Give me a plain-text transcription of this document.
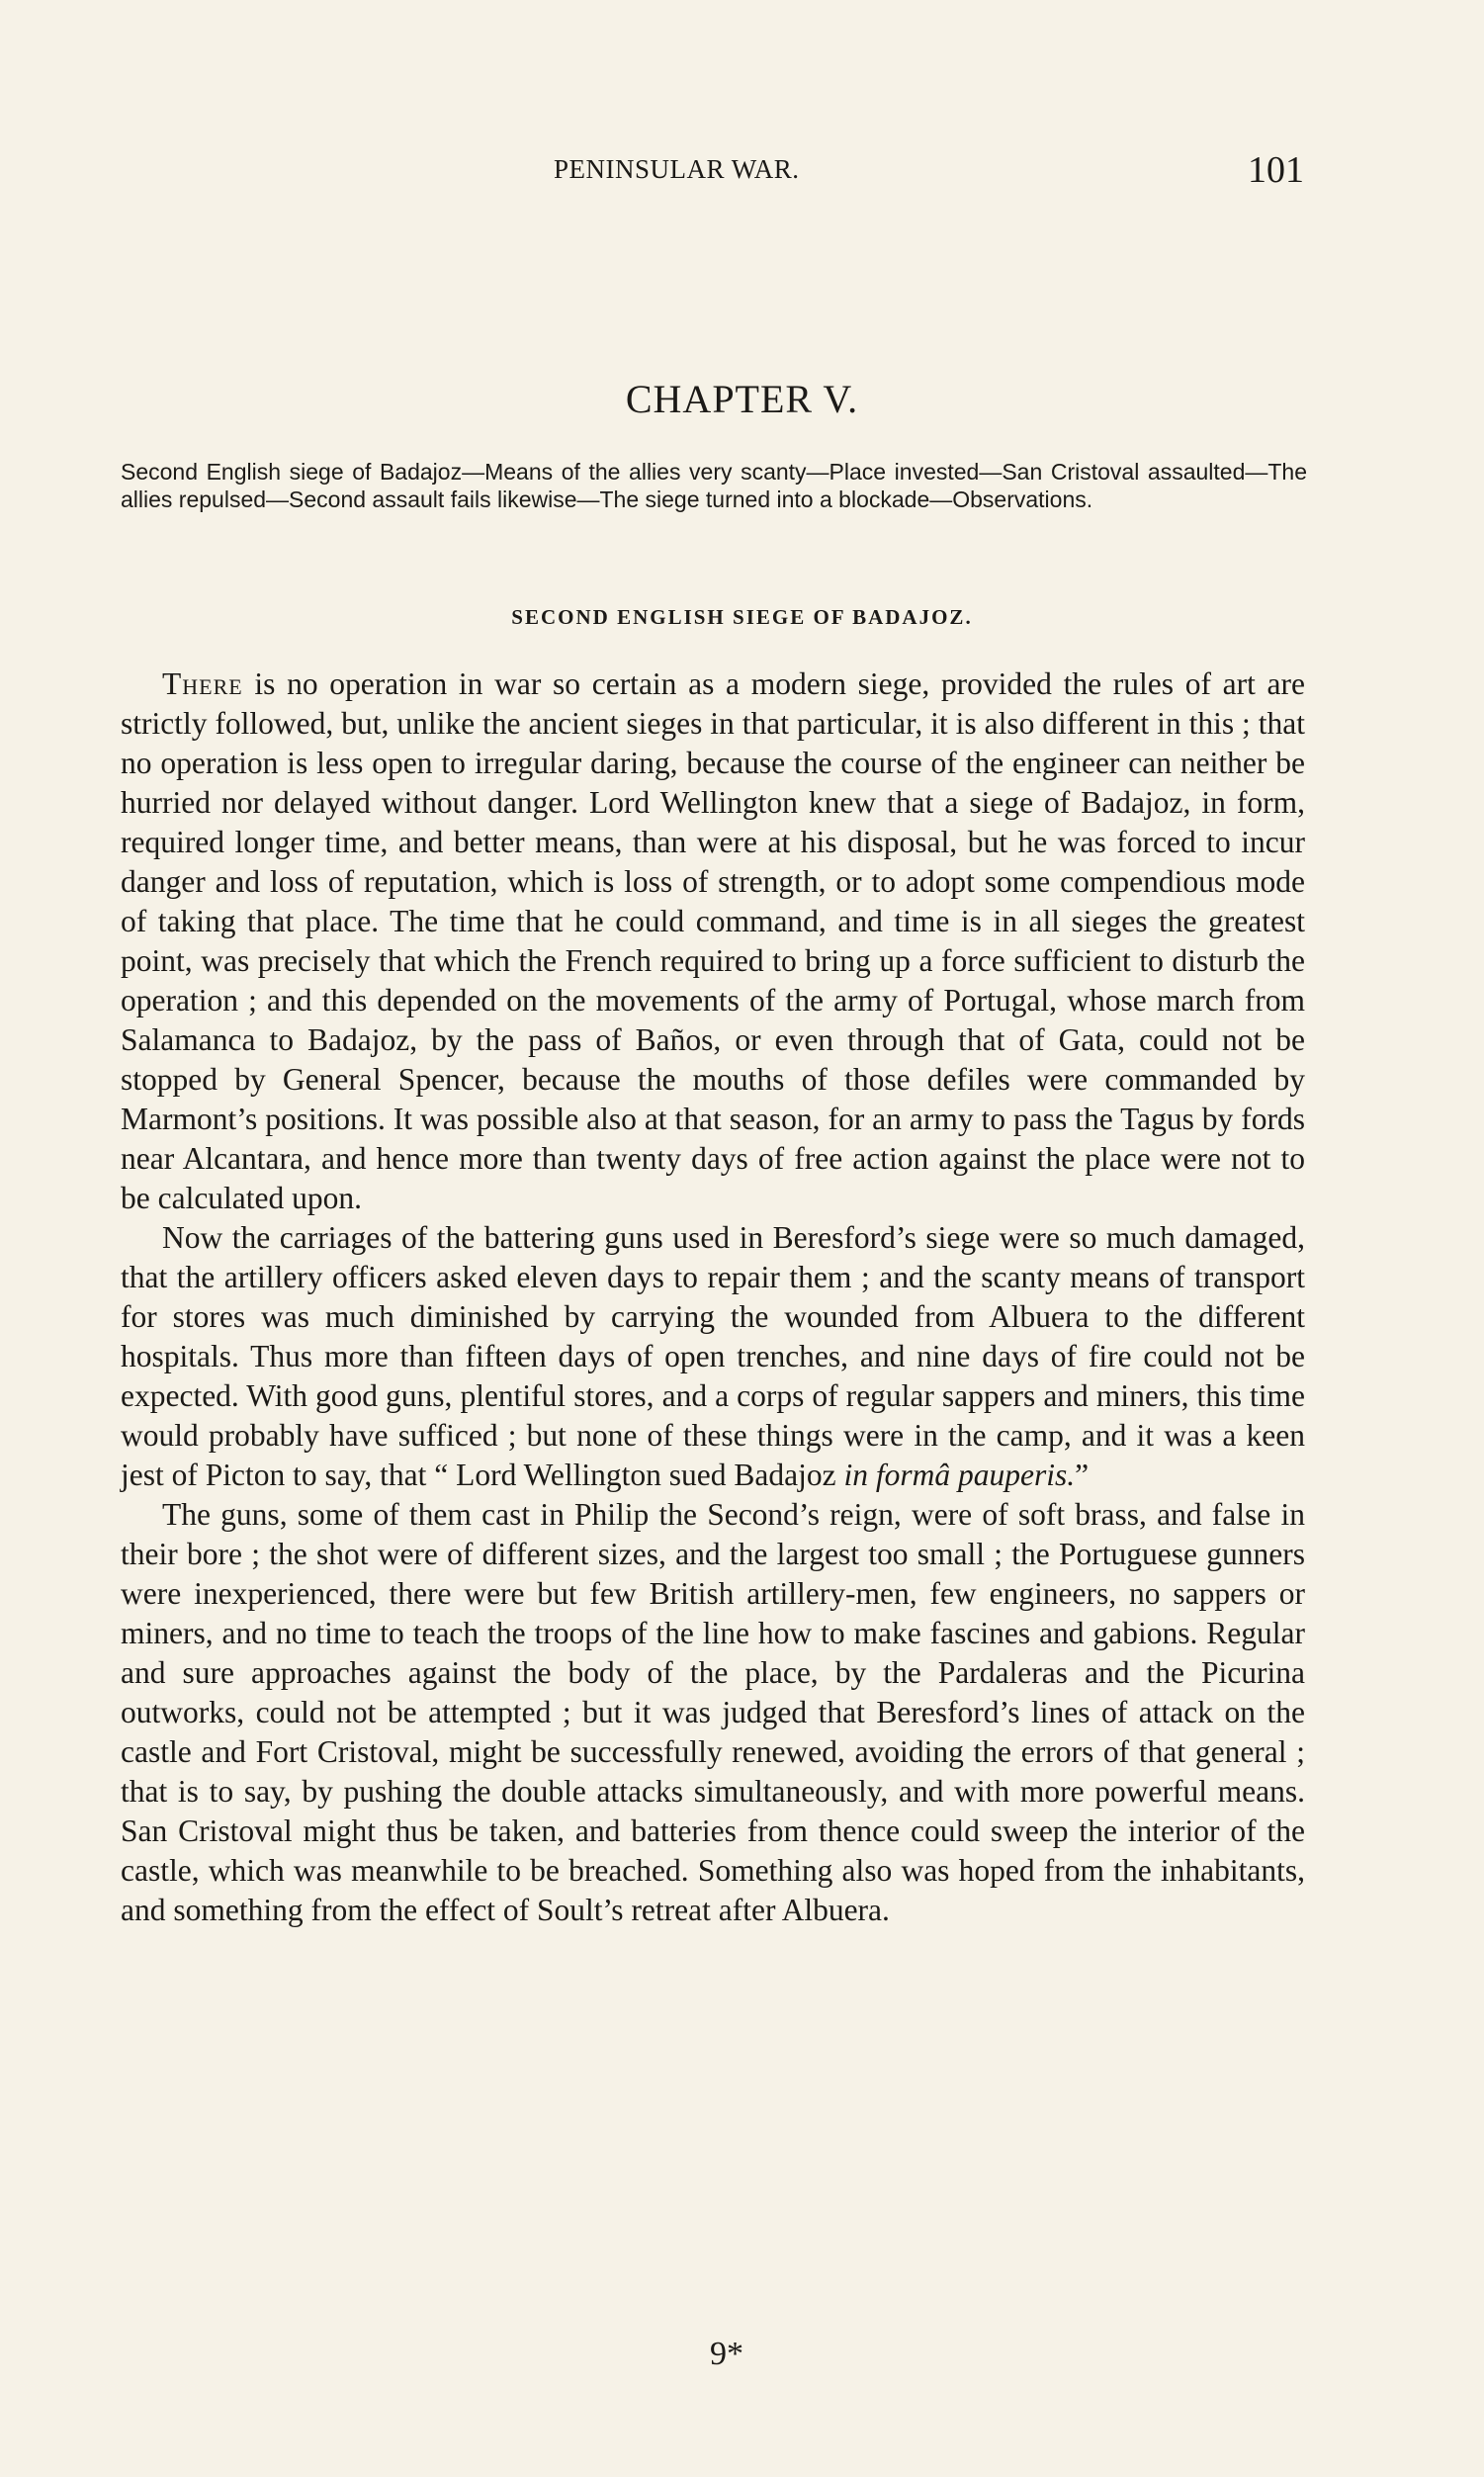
PENINSULAR WAR.	101
CHAPTER V.
Second English siege of Badajoz—Means of the allies very scanty—Place invested—San Cristoval assaulted—The allies repulsed—Second assault fails likewise—The siege turned into a blockade—Observations.
SECOND ENGLISH SIEGE OF BADAJOZ.

There is no operation in war so certain as a modern siege, provided the rules of art are strictly followed, but, unlike the ancient sieges in that particular, it is also different in this ; that no operation is less open to irregular daring, because the course of the engineer can neither be hurried nor delayed without danger. Lord Wellington knew that a siege of Badajoz, in form, required longer time, and better means, than were at his disposal, but he was forced to incur danger and loss of reputation, which is loss of strength, or to adopt some compendious mode of taking that place. The time that he could command, and time is in all sieges the greatest point, was precisely that which the French required to bring up a force sufficient to disturb the operation ; and this depended on the movements of the army of Portugal, whose march from Salamanca to Badajoz, by the pass of Baños, or even through that of Gata, could not be stopped by General Spencer, because the mouths of those defiles were commanded by Marmont’s positions. It was possible also at that season, for an army to pass the Tagus by fords near Alcantara, and hence more than twenty days of free action against the place were not to be calculated upon.

Now the carriages of the battering guns used in Beresford’s siege were so much damaged, that the artillery officers asked eleven days to repair them ; and the scanty means of transport for stores was much diminished by carrying the wounded from Albuera to the different hospitals. Thus more than fifteen days of open trenches, and nine days of fire could not be expected. With good guns, plentiful stores, and a corps of regular sappers and miners, this time would probably have sufficed ; but none of these things were in the camp, and it was a keen jest of Picton to say, that “ Lord Wellington sued Badajoz in formâ pauperis.”

The guns, some of them cast in Philip the Second’s reign, were of soft brass, and false in their bore ; the shot were of different sizes, and the largest too small ; the Portuguese gunners were inexperienced, there were but few British artillery-men, few engineers, no sappers or miners, and no time to teach the troops of the line how to make fascines and gabions. Regular and sure approaches against the body of the place, by the Pardaleras and the Picurina outworks, could not be attempted ; but it was judged that Beresford’s lines of attack on the castle and Fort Cristoval, might be successfully renewed, avoiding the errors of that general ; that is to say, by pushing the double attacks simultaneously, and with more powerful means. San Cristoval might thus be taken, and batteries from thence could sweep the interior of the castle, which was meanwhile to be breached. Something also was hoped from the inhabitants, and something from the effect of Soult’s retreat after Albuera.

9*
